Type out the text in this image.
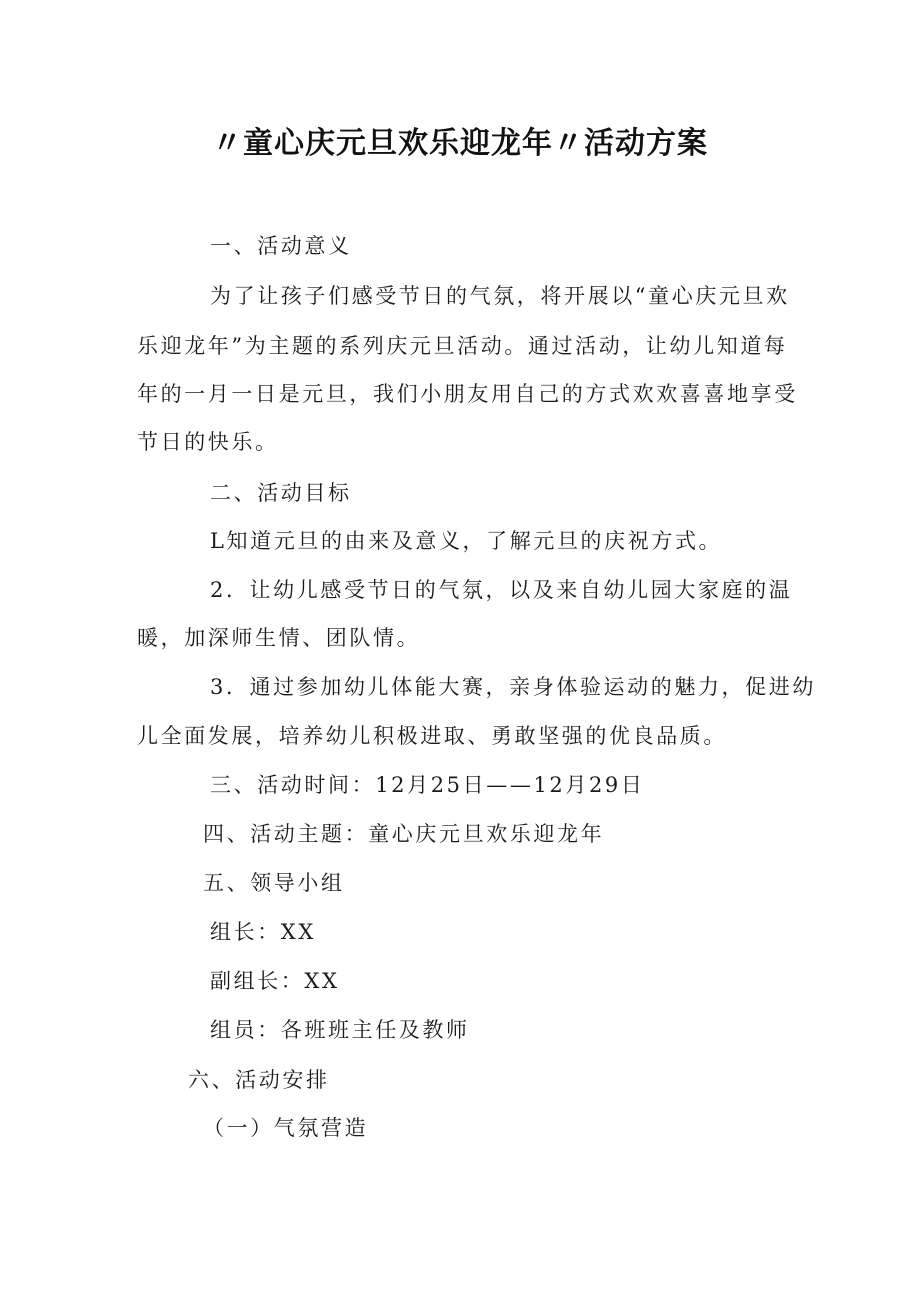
〃童心庆元旦欢乐迎龙年〃活动方案

一、活动意义

为了让孩子们感受节日的气氛，将开展以“童心庆元旦欢

乐迎龙年”为主题的系列庆元旦活动。通过活动，让幼儿知道每

年的一月一日是元旦，我们小朋友用自己的方式欢欢喜喜地享受

节日的快乐。

二、活动目标

L知道元旦的由来及意义，了解元旦的庆祝方式。

2．让幼儿感受节日的气氛，以及来自幼儿园大家庭的温

暖，加深师生情、团队情。

3．通过参加幼儿体能大赛，亲身体验运动的魅力，促进幼

儿全面发展，培养幼儿积极进取、勇敢坚强的优良品质。

三、活动时间：12月25日——12月29日

四、活动主题：童心庆元旦欢乐迎龙年

五、领导小组

组长：XX

副组长：XX

组员：各班班主任及教师

六、活动安排

（一）气氛营造
